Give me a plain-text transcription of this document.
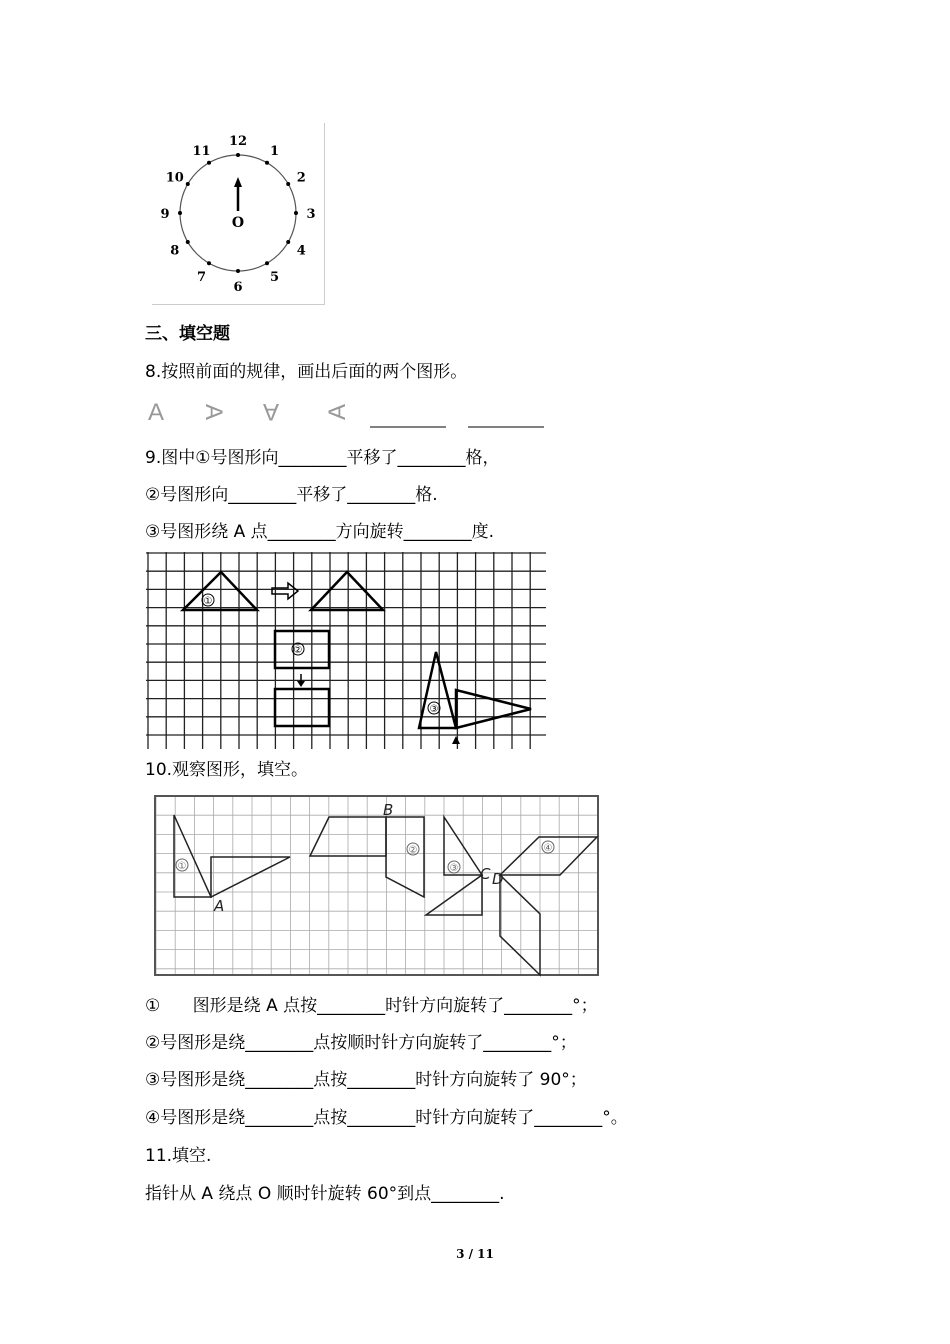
O
12
1
2
3
4
5
6
7
8
9
10
11
三、填空题
8.按照前面的规律，画出后面的两个图形。
A A A A
9.图中①号图形向________平移了________格，
②号图形向________平移了________格.
③号图形绕 A 点________方向旋转________度.
①
②
③
10.观察图形，填空。
①
②
③
④
A
B
C D
①      图形是绕 A 点按________时针方向旋转了________°；
②号图形是绕________点按顺时针方向旋转了________°；
③号图形是绕________点按________时针方向旋转了 90°；
④号图形是绕________点按________时针方向旋转了________°。
11.填空.
指针从 A 绕点 O 顺时针旋转 60°到点________.
3 / 11
